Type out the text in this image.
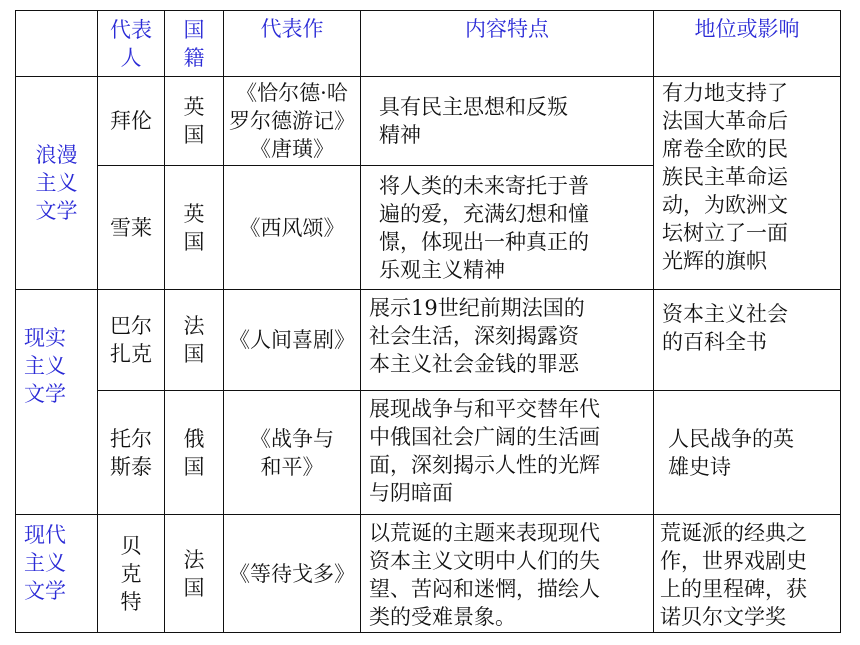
代表
人
国
籍
代表作	内容特点	地位或影响
浪漫
主义
文学
现实
主义
文学
现代
主义
文学
拜伦
英
国
《恰尔德·哈
罗尔德游记》
《唐璜》
具有民主思想和反叛
精神
雪莱
英
国
《西风颂》
将人类的未来寄托于普
遍的爱，充满幻想和憧
憬，体现出一种真正的
乐观主义精神
有力地支持了
法国大革命后
席卷全欧的民
族民主革命运
动，为欧洲文
坛树立了一面
光辉的旗帜
巴尔
扎克
法
国
《人间喜剧》
展示19世纪前期法国的
社会生活，深刻揭露资
本主义社会金钱的罪恶
资本主义社会
的百科全书
托尔
斯泰
俄
国
《战争与
和平》
展现战争与和平交替年代
中俄国社会广阔的生活画
面，深刻揭示人性的光辉
与阴暗面
人民战争的英
雄史诗
贝
克
特
法
国
《等待戈多》
以荒诞的主题来表现现代
资本主义文明中人们的失
望、苦闷和迷惘，描绘人
类的受难景象。
荒诞派的经典之
作，世界戏剧史
上的里程碑，获
诺贝尔文学奖
